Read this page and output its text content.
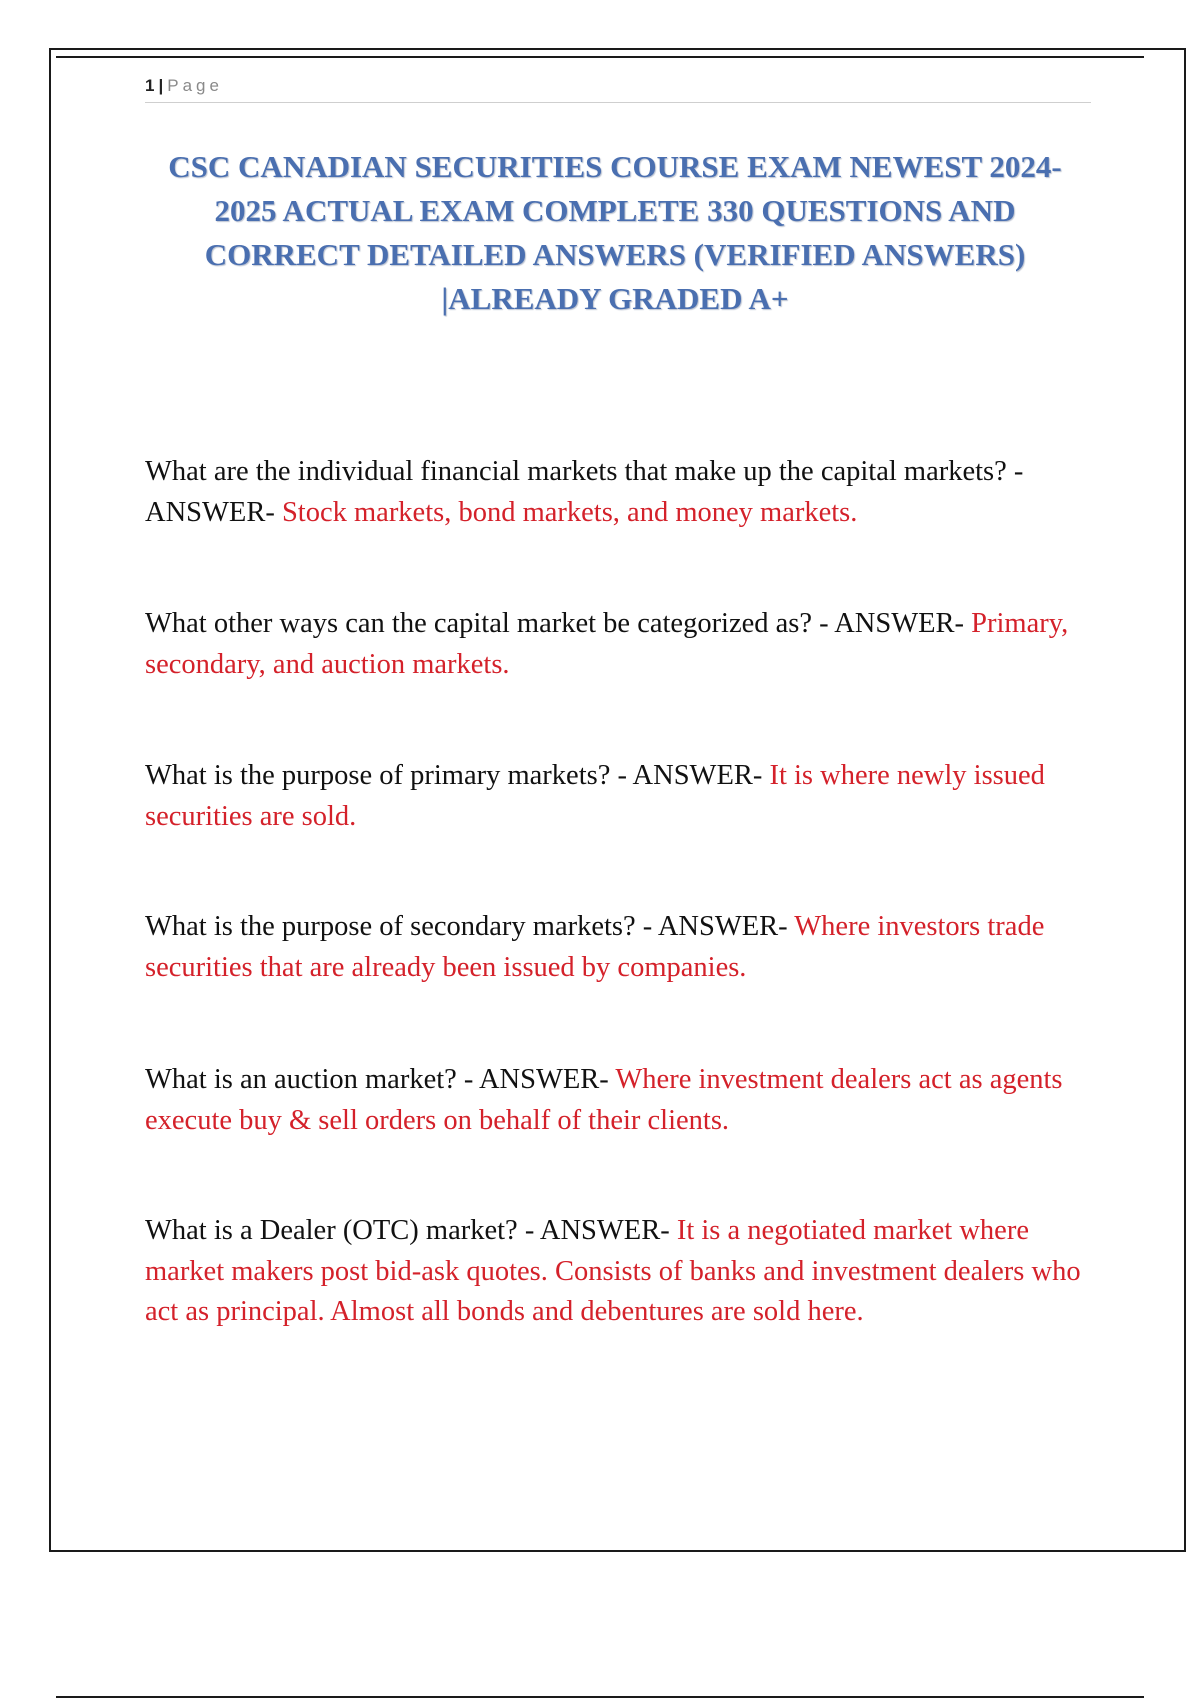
1 | Page
CSC CANADIAN SECURITIES COURSE EXAM NEWEST 2024-2025 ACTUAL EXAM COMPLETE 330 QUESTIONS AND CORRECT DETAILED ANSWERS (VERIFIED ANSWERS) |ALREADY GRADED A+
What are the individual financial markets that make up the capital markets? - ANSWER- Stock markets, bond markets, and money markets.
What other ways can the capital market be categorized as? - ANSWER- Primary, secondary, and auction markets.
What is the purpose of primary markets? - ANSWER- It is where newly issued securities are sold.
What is the purpose of secondary markets? - ANSWER- Where investors trade securities that are already been issued by companies.
What is an auction market? - ANSWER- Where investment dealers act as agents execute buy & sell orders on behalf of their clients.
What is a Dealer (OTC) market? - ANSWER- It is a negotiated market where market makers post bid-ask quotes. Consists of banks and investment dealers who act as principal. Almost all bonds and debentures are sold here.
